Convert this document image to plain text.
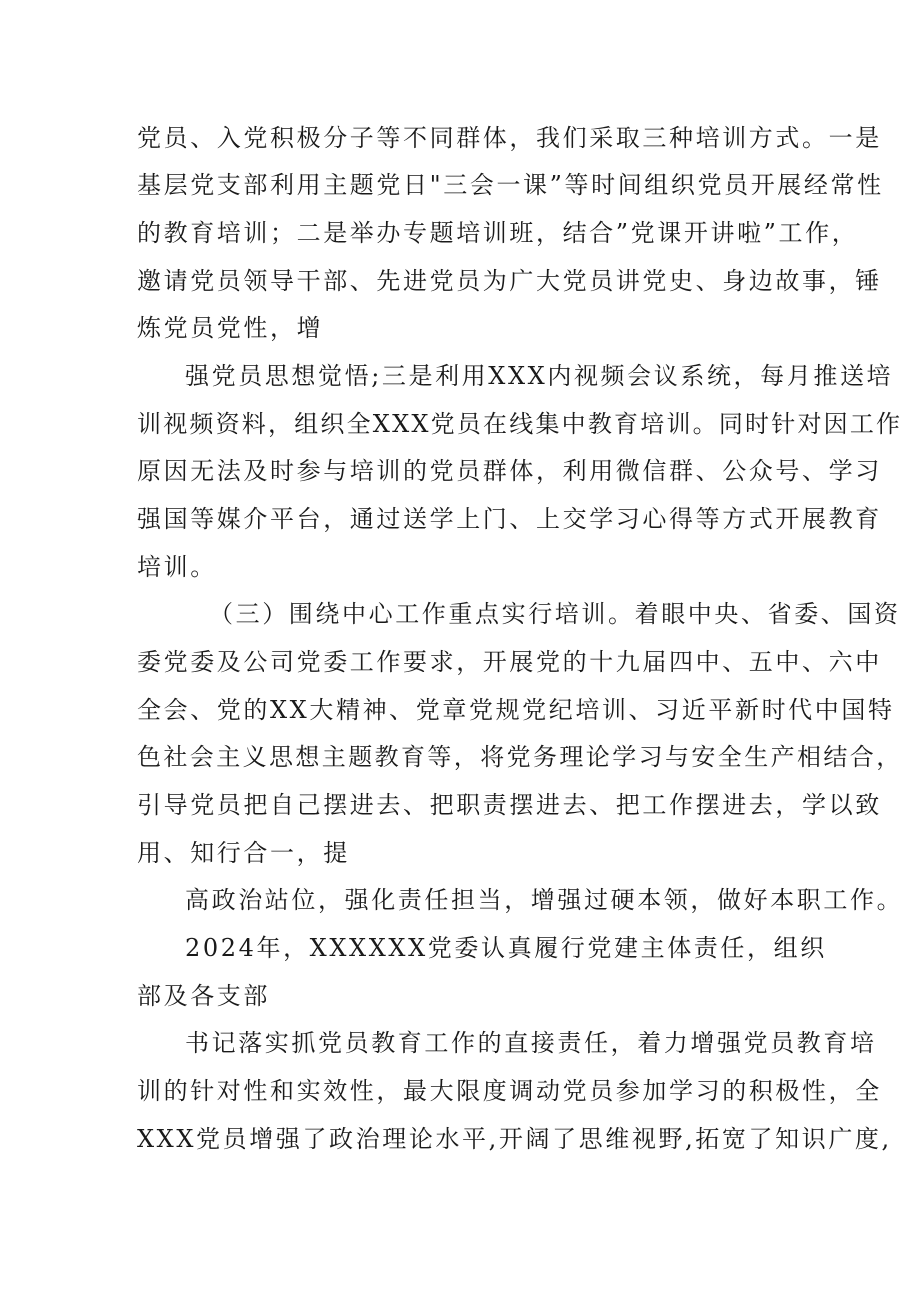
党员、入党积极分子等不同群体，我们采取三种培训方式。一是

基层党支部利用主题党日"三会一课”等时间组织党员开展经常性

的教育培训；二是举办专题培训班，结合”党课开讲啦”工作，

邀请党员领导干部、先进党员为广大党员讲党史、身边故事，锤

炼党员党性，增

强党员思想觉悟;三是利用XXX内视频会议系统，每月推送培

训视频资料，组织全XXX党员在线集中教育培训。同时针对因工作

原因无法及时参与培训的党员群体，利用微信群、公众号、学习

强国等媒介平台，通过送学上门、上交学习心得等方式开展教育

培训。

（三）围绕中心工作重点实行培训。着眼中央、省委、国资

委党委及公司党委工作要求，开展党的十九届四中、五中、六中

全会、党的XX大精神、党章党规党纪培训、习近平新时代中国特

色社会主义思想主题教育等，将党务理论学习与安全生产相结合，

引导党员把自己摆进去、把职责摆进去、把工作摆进去，学以致

用、知行合一，提

高政治站位，强化责任担当，增强过硬本领，做好本职工作。

2024年，XXXXXX党委认真履行党建主体责任，组织

部及各支部

书记落实抓党员教育工作的直接责任，着力增强党员教育培

训的针对性和实效性，最大限度调动党员参加学习的积极性，全

XXX党员增强了政治理论水平,开阔了思维视野,拓宽了知识广度,
